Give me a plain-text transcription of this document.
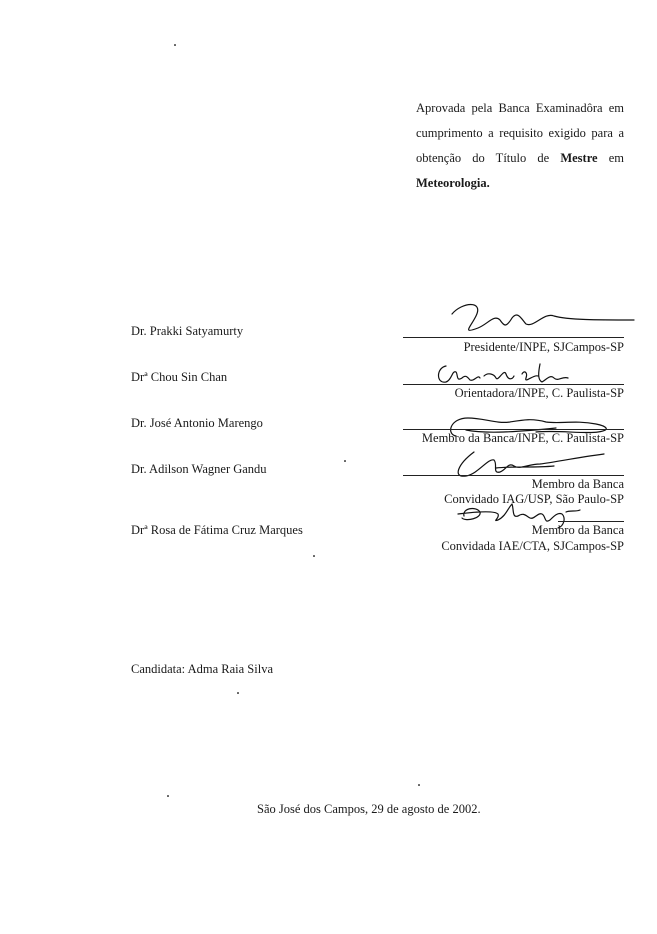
Aprovada pela Banca Examinadôra em
cumprimento a requisito exigido para a
obtenção do Título de Mestre em
Meteorologia.
Dr. Prakki Satyamurty
Presidente/INPE, SJCampos-SP
Drª Chou Sin Chan
Orientadora/INPE, C. Paulista-SP
Dr. José Antonio Marengo
Membro da Banca/INPE, C. Paulista-SP
Dr. Adilson Wagner Gandu
Membro da Banca
Convidado IAG/USP, São Paulo-SP
Drª Rosa de Fátima Cruz Marques	Membro da Banca
Convidada IAE/CTA, SJCampos-SP
Candidata: Adma Raia Silva
São José dos Campos, 29 de agosto de 2002.
